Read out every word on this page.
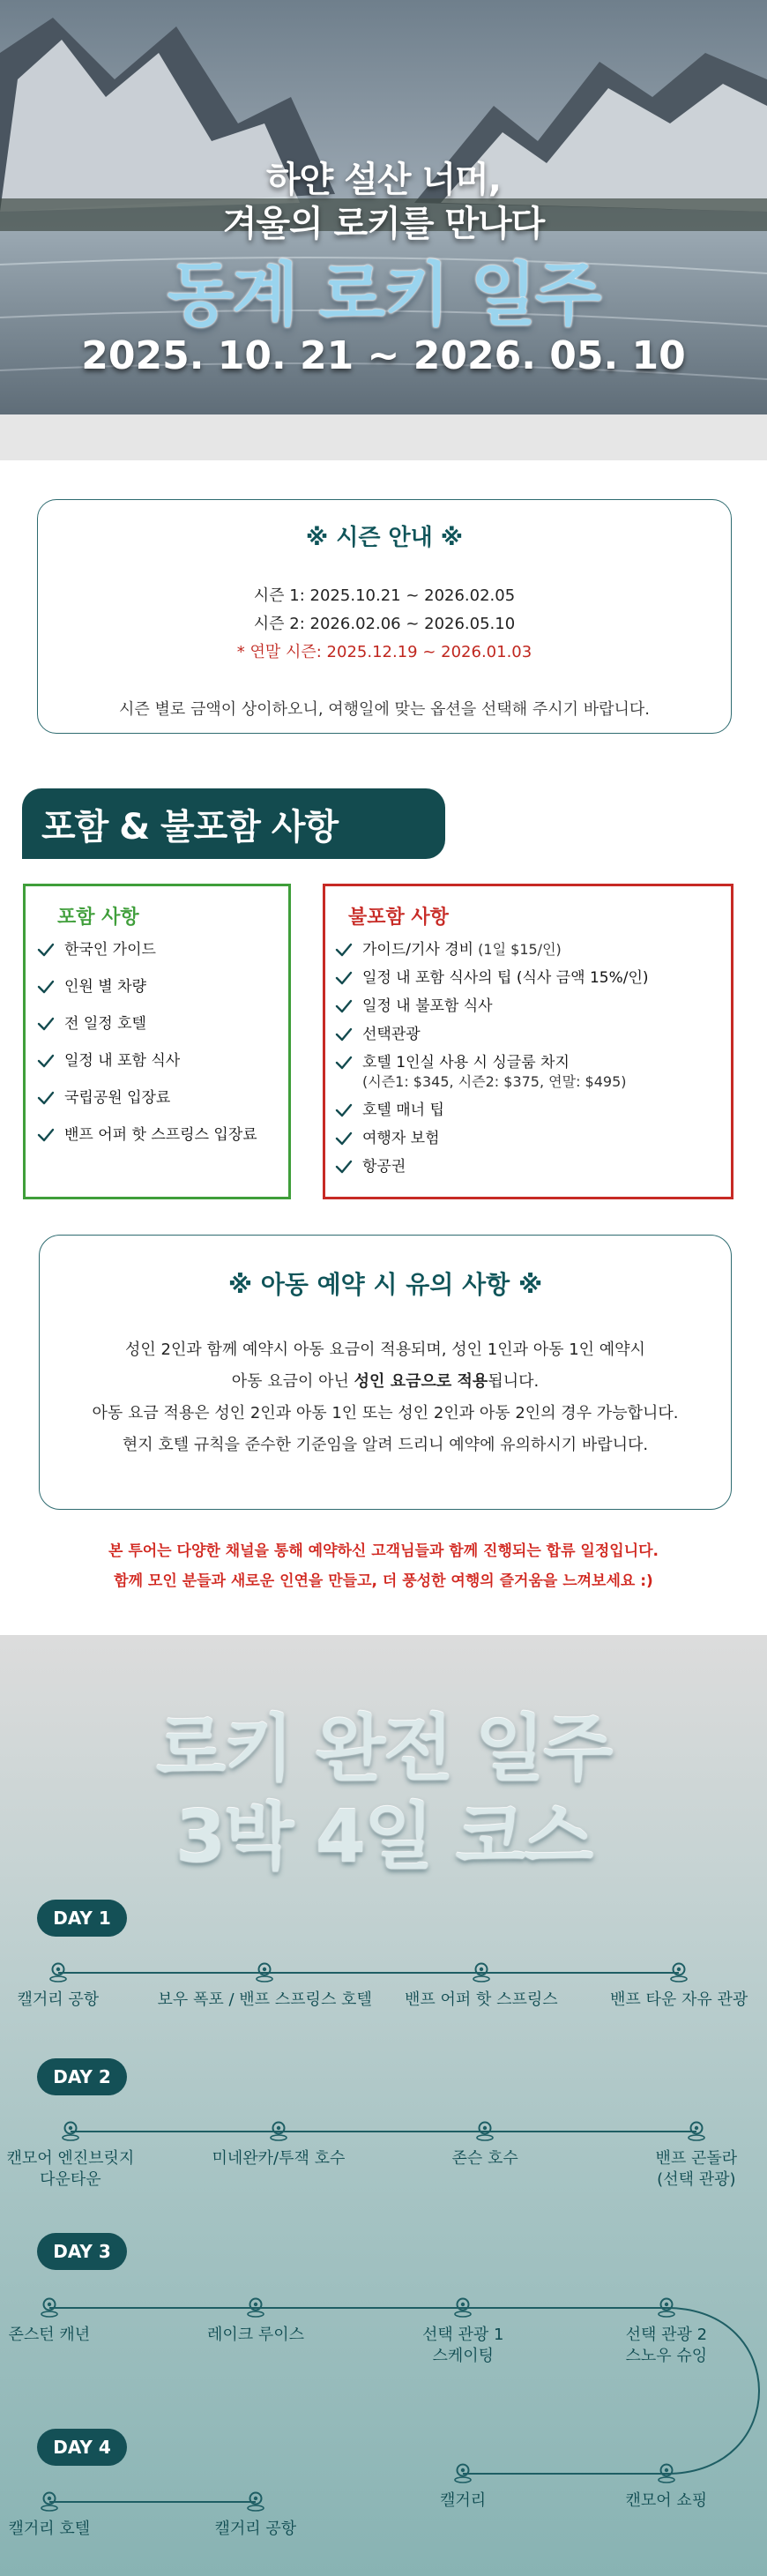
하얀 설산 너머,
겨울의 로키를 만나다
동계 로키 일주
2025. 10. 21 ~ 2026. 05. 10
※ 시즌 안내 ※
시즌 1: 2025.10.21 ~ 2026.02.05
시즌 2: 2026.02.06 ~ 2026.05.10
* 연말 시즌: 2025.12.19 ~ 2026.01.03
시즌 별로 금액이 상이하오니, 여행일에 맞는 옵션을 선택해 주시기 바랍니다.
포함 & 불포함 사항
포함 사항
한국인 가이드
인원 별 차량
전 일정 호텔
일정 내 포함 식사
국립공원 입장료
밴프 어퍼 핫 스프링스 입장료
불포함 사항
가이드/기사 경비 (1일 $15/인)
일정 내 포함 식사의 팁 (식사 금액 15%/인)
일정 내 불포함 식사
선택관광
호텔 1인실 사용 시 싱글룸 차지
(시즌1: $345, 시즌2: $375, 연말: $495)
호텔 매너 팁
여행자 보험
항공권
※ 아동 예약 시 유의 사항 ※
성인 2인과 함께 예약시 아동 요금이 적용되며, 성인 1인과 아동 1인 예약시
아동 요금이 아닌 성인 요금으로 적용됩니다.
아동 요금 적용은 성인 2인과 아동 1인 또는 성인 2인과 아동 2인의 경우 가능합니다.
현지 호텔 규칙을 준수한 기준임을 알려 드리니 예약에 유의하시기 바랍니다.
본 투어는 다양한 채널을 통해 예약하신 고객님들과 함께 진행되는 합류 일정입니다.
함께 모인 분들과 새로운 인연을 만들고, 더 풍성한 여행의 즐거움을 느껴보세요 :)
로키 완전 일주
3박 4일 코스
DAY 1
캘거리 공항	보우 폭포 / 밴프 스프링스 호텔 밴프 어퍼 핫 스프링스	밴프 타운 자유 관광
DAY 2
캔모어 엔진브릿지
다운타운
미네완카/투잭 호수	존슨 호수	밴프 곤돌라
(선택 관광)
DAY 3
존스턴 캐년	레이크 루이스	선택 관광 1
스케이팅
선택 관광 2
스노우 슈잉
캘거리	캔모어 쇼핑
DAY 4
캘거리 호텔	캘거리 공항
